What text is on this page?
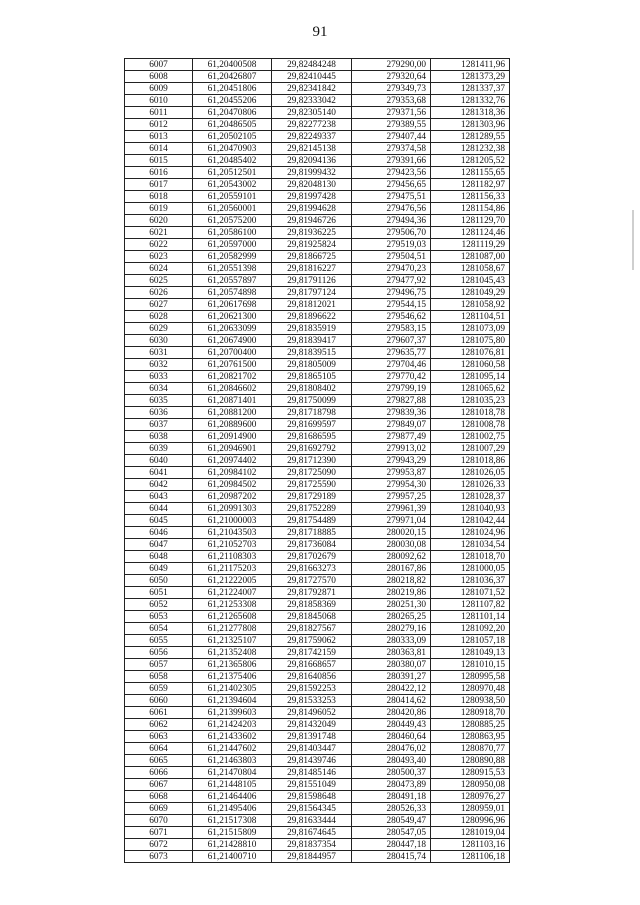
91
6007	61,20400508	29,82484248	279290,00	1281411,96
6008	61,20426807	29,82410445	279320,64	1281373,29
6009	61,20451806	29,82341842	279349,73	1281337,37
6010	61,20455206	29,82333042	279353,68	1281332,76
6011	61,20470806	29,82305140	279371,56	1281318,36
6012	61,20486505	29,82277238	279389,55	1281303,96
6013	61,20502105	29,82249337	279407,44	1281289,55
6014	61,20470903	29,82145138	279374,58	1281232,38
6015	61,20485402	29,82094136	279391,66	1281205,52
6016	61,20512501	29,81999432	279423,56	1281155,65
6017	61,20543002	29,82048130	279456,65	1281182,97
6018	61,20559101	29,81997428	279475,51	1281156,33
6019	61,20560001	29,81994628	279476,56	1281154,86
6020	61,20575200	29,81946726	279494,36	1281129,70
6021	61,20586100	29,81936225	279506,70	1281124,46
6022	61,20597000	29,81925824	279519,03	1281119,29
6023	61,20582999	29,81866725	279504,51	1281087,00
6024	61,20551398	29,81816227	279470,23	1281058,67
6025	61,20557897	29,81791126	279477,92	1281045,43
6026	61,20574898	29,81797124	279496,75	1281049,29
6027	61,20617698	29,81812021	279544,15	1281058,92
6028	61,20621300	29,81896622	279546,62	1281104,51
6029	61,20633099	29,81835919	279583,15	1281073,09
6030	61,20674900	29,81839417	279607,37	1281075,80
6031	61,20700400	29,81839515	279635,77	1281076,81
6032	61,20761500	29,81805009	279704,46	1281060,58
6033	61,20821702	29,81865105	279770,42	1281095,14
6034	61,20846602	29,81808402	279799,19	1281065,62
6035	61,20871401	29,81750099	279827,88	1281035,23
6036	61,20881200	29,81718798	279839,36	1281018,78
6037	61,20889600	29,81699597	279849,07	1281008,78
6038	61,20914900	29,81686595	279877,49	1281002,75
6039	61,20946901	29,81692792	279913,02	1281007,29
6040	61,20974402	29,81712390	279943,29	1281018,86
6041	61,20984102	29,81725090	279953,87	1281026,05
6042	61,20984502	29,81725590	279954,30	1281026,33
6043	61,20987202	29,81729189	279957,25	1281028,37
6044	61,20991303	29,81752289	279961,39	1281040,93
6045	61,21000003	29,81754489	279971,04	1281042,44
6046	61,21043503	29,81718885	280020,15	1281024,96
6047	61,21052703	29,81736084	280030,08	1281034,54
6048	61,21108303	29,81702679	280092,62	1281018,70
6049	61,21175203	29,81663273	280167,86	1281000,05
6050	61,21222005	29,81727570	280218,82	1281036,37
6051	61,21224007	29,81792871	280219,86	1281071,52
6052	61,21253308	29,81858369	280251,30	1281107,82
6053	61,21265608	29,81845068	280265,25	1281101,14
6054	61,21277808	29,81827567	280279,16	1281092,20
6055	61,21325107	29,81759062	280333,09	1281057,18
6056	61,21352408	29,81742159	280363,81	1281049,13
6057	61,21365806	29,81668657	280380,07	1281010,15
6058	61,21375406	29,81640856	280391,27	1280995,58
6059	61,21402305	29,81592253	280422,12	1280970,48
6060	61,21394604	29,81533253	280414,62	1280938,50
6061	61,21399603	29,81496052	280420,86	1280918,70
6062	61,21424203	29,81432049	280449,43	1280885,25
6063	61,21433602	29,81391748	280460,64	1280863,95
6064	61,21447602	29,81403447	280476,02	1280870,77
6065	61,21463803	29,81439746	280493,40	1280890,88
6066	61,21470804	29,81485146	280500,37	1280915,53
6067	61,21448105	29,81551049	280473,89	1280950,08
6068	61,21464406	29,81598648	280491,18	1280976,27
6069	61,21495406	29,81564345	280526,33	1280959,01
6070	61,21517308	29,81633444	280549,47	1280996,96
6071	61,21515809	29,81674645	280547,05	1281019,04
6072	61,21428810	29,81837354	280447,18	1281103,16
6073	61,21400710	29,81844957	280415,74	1281106,18
